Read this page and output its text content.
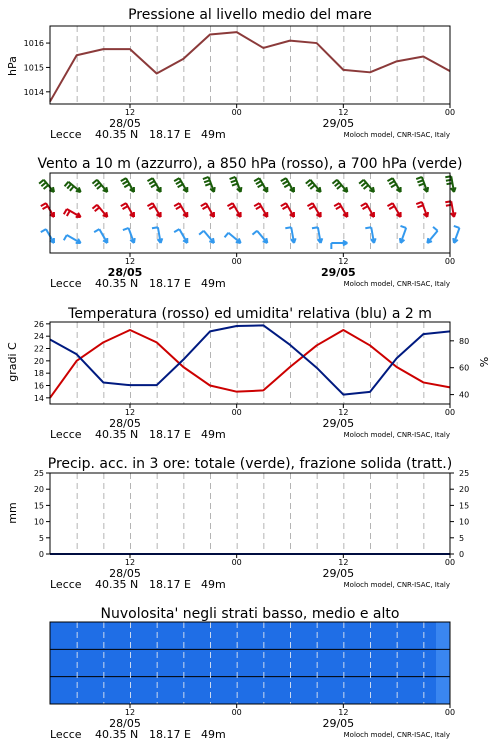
Pressione al livello medio del mare
hPa
1014
1015
1016
12	00	12	00
28/05	29/05
Lecce 40.35 N 18.17 E 49m	Moloch model, CNR-ISAC, Italy
Vento a 10 m (azzurro), a 850 hPa (rosso), a 700 hPa (verde)
12	00	12	00
28/05	29/05
Lecce 40.35 N 18.17 E 49m	Moloch model, CNR-ISAC, Italy
Temperatura (rosso) ed umidita' relativa (blu) a 2 m
gradi C	%
14
16
18
20
22
24
26
40
60
80
12	00	12	00
28/05	29/05
Lecce 40.35 N 18.17 E 49m	Moloch model, CNR-ISAC, Italy
Precip. acc. in 3 ore: totale (verde), frazione solida (tratt.)
mm
0
5
10
15
20
25
0
5
10
15
20
25
12	00	12	00
28/05	29/05
Lecce 40.35 N 18.17 E 49m	Moloch model, CNR-ISAC, Italy
Nuvolosita' negli strati basso, medio e alto
12	00	12	00
28/05	29/05
Lecce 40.35 N 18.17 E 49m	Moloch model, CNR-ISAC, Italy
